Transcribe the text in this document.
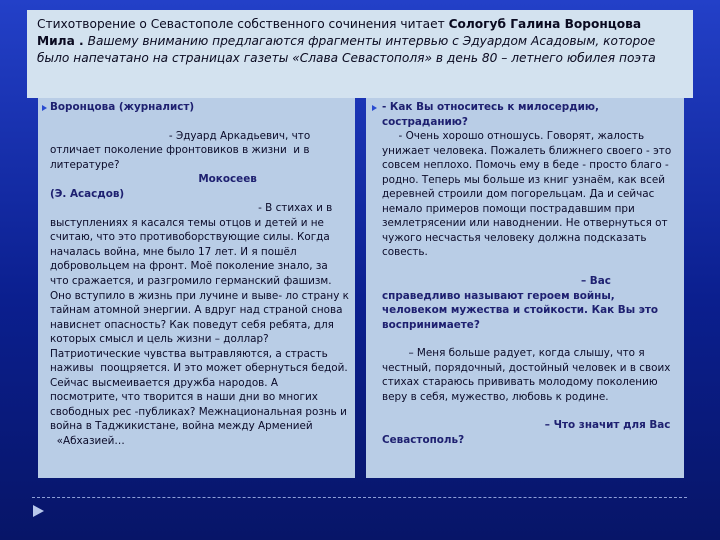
Стихотворение о Севастополе собственного сочинения читает Сологуб Галина Воронцова Мила . Вашему вниманию предлагаются фрагменты интервью с Эдуардом Асадовым, которое было напечатано на страницах газеты «Слава Севастополя» в день 80 – летнего юбилея поэта

Воронцова (журналист)

- Эдуард Аркадьевич, что отличает поколение фронтовиков в жизни  и в литературе?

Мокосеев
(Э. Асасдов)

- В стихах и в выступлениях я касался темы отцов и детей и не считаю, что это противоборствующие силы. Когда началась война, мне было 17 лет. И я пошёл добровольцем на фронт. Моё поколение знало, за что сражается, и разгромило германский фашизм. Оно вступило в жизнь при лучине и выве- ло страну к тайнам атомной энергии. А вдруг над страной снова нависнет опасность? Как поведут себя ребята, для которых смысл и цель жизни – доллар? Патриотические чувства вытравляются, а страсть наживы  поощряется. И это может обернуться бедой. Сейчас высмеивается дружба народов. А посмотрите, что творится в наши дни во многих свободных рес -публиках? Межнациональная рознь и война в Таджикистане, война между Арменией

«Абхазией…

- Как Вы относитесь к милосердию, состраданию?

- Очень хорошо отношусь. Говорят, жалость унижает человека. Пожалеть ближнего своего - это совсем неплохо. Помочь ему в беде - просто благо - родно. Теперь мы больше из книг узнаём, как всей деревней строили дом погорельцам. Да и сейчас немало примеров помощи пострадавшим при землетрясении или наводнении. Не отвернуться от чужого несчастья человеку должна подсказать совесть.

– Вас справедливо называют героем войны, человеком мужества и стойкости. Как Вы это воспринимаете?

– Меня больше радует, когда слышу, что я честный, порядочный, достойный человек и в своих стихах стараюсь прививать молодому поколению веру в себя, мужество, любовь к родине.

– Что значит для Вас Севастополь?
